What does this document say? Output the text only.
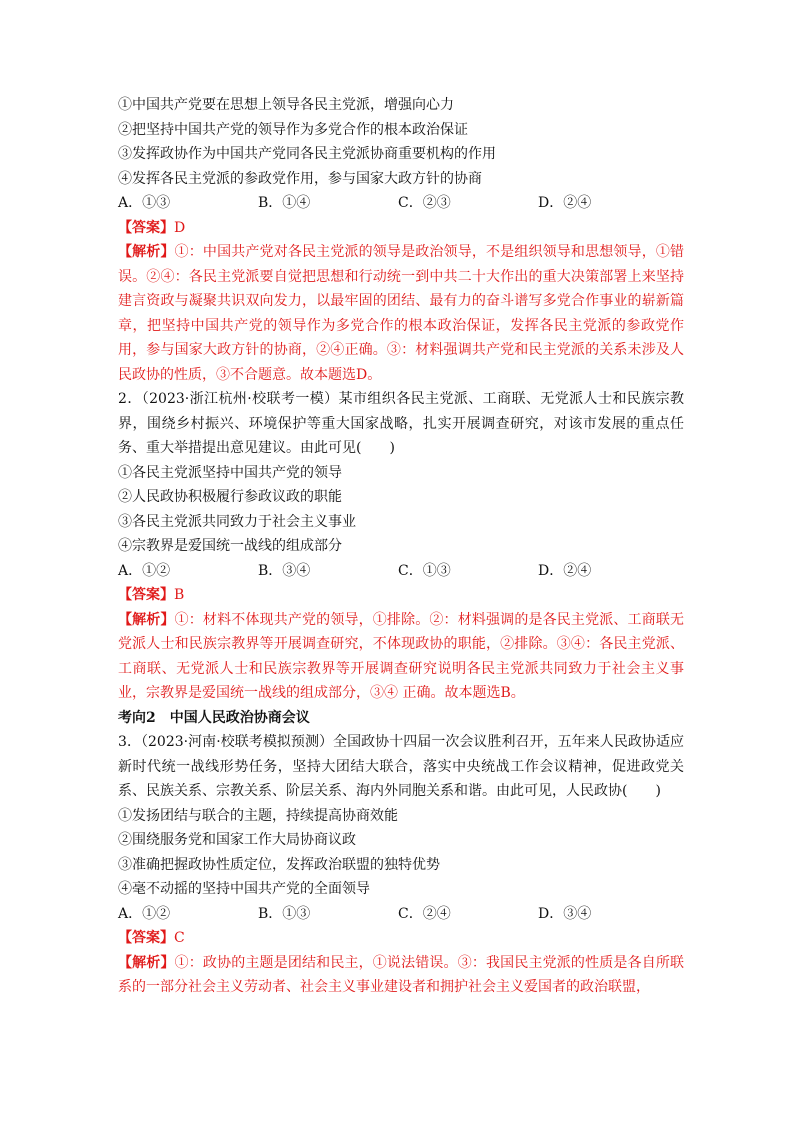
①中国共产党要在思想上领导各民主党派，增强向心力
②把坚持中国共产党的领导作为多党合作的根本政治保证
③发挥政协作为中国共产党同各民主党派协商重要机构的作用
④发挥各民主党派的参政党作用，参与国家大政方针的协商
A．①③	B．①④	C．②③	D．②④
【答案】D
【解析】①：中国共产党对各民主党派的领导是政治领导，不是组织领导和思想领导，①错误。②④：各民主党派要自觉把思想和行动统一到中共二十大作出的重大决策部署上来坚持建言资政与凝聚共识双向发力，以最牢固的团结、最有力的奋斗谱写多党合作事业的崭新篇章，把坚持中国共产党的领导作为多党合作的根本政治保证，发挥各民主党派的参政党作用，参与国家大政方针的协商，②④正确。③：材料强调共产党和民主党派的关系未涉及人民政协的性质，③不合题意。故本题选D。
2．（2023·浙江杭州·校联考一模）某市组织各民主党派、工商联、无党派人士和民族宗教界，围绕乡村振兴、环境保护等重大国家战略，扎实开展调查研究，对该市发展的重点任务、重大举措提出意见建议。由此可见(　　)
①各民主党派坚持中国共产党的领导
②人民政协积极履行参政议政的职能
③各民主党派共同致力于社会主义事业
④宗教界是爱国统一战线的组成部分
A．①②	B．③④	C．①③	D．②④
【答案】B
【解析】①：材料不体现共产党的领导，①排除。②：材料强调的是各民主党派、工商联无党派人士和民族宗教界等开展调查研究，不体现政协的职能，②排除。③④：各民主党派、工商联、无党派人士和民族宗教界等开展调查研究说明各民主党派共同致力于社会主义事业，宗教界是爱国统一战线的组成部分，③④ 正确。故本题选B。
考向2　中国人民政治协商会议
3．（2023·河南·校联考模拟预测）全国政协十四届一次会议胜利召开，五年来人民政协适应新时代统一战线形势任务，坚持大团结大联合，落实中央统战工作会议精神，促进政党关系、民族关系、宗教关系、阶层关系、海内外同胞关系和谐。由此可见，人民政协(　　)
①发扬团结与联合的主题，持续提高协商效能
②围绕服务党和国家工作大局协商议政
③准确把握政协性质定位，发挥政治联盟的独特优势
④毫不动摇的坚持中国共产党的全面领导
A．①②	B．①③	C．②④	D．③④
【答案】C
【解析】①：政协的主题是团结和民主，①说法错误。③：我国民主党派的性质是各自所联系的一部分社会主义劳动者、社会主义事业建设者和拥护社会主义爱国者的政治联盟，
